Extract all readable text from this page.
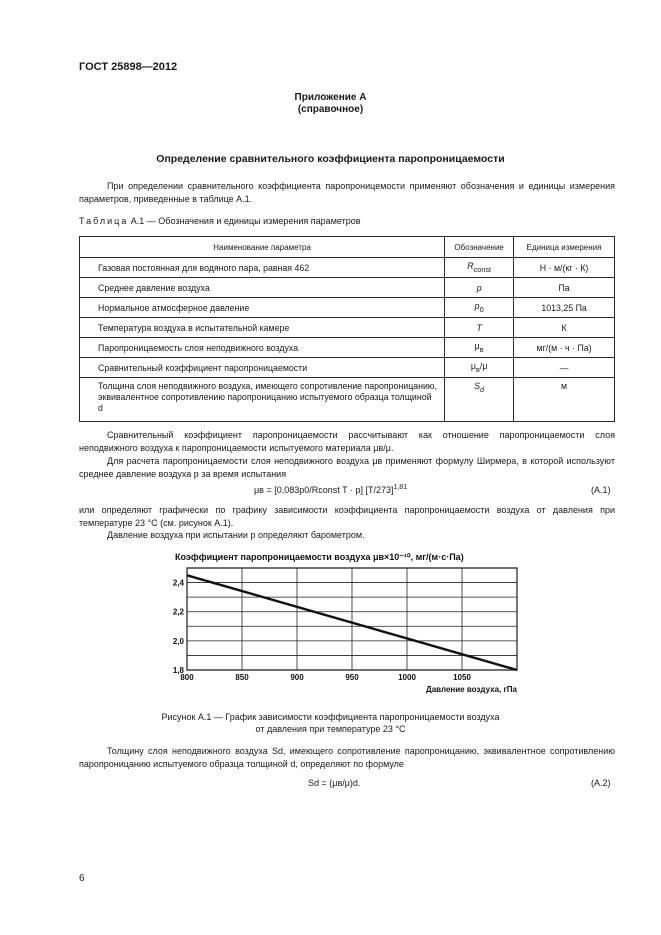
ГОСТ 25898—2012
Приложение А
(справочное)
Определение сравнительного коэффициента паропроницаемости
При определении сравнительного коэффициента паропроницемости применяют обозначения и единицы измерения параметров, приведенные в таблице А.1.
Таблица А.1 — Обозначения и единицы измерения параметров
Наименование параметра	Обозначение	Единица измерения
Газовая постоянная для водяного пара, равная 462	$R_{const}$	Н · м/(кг · К)
Среднее давление воздуха	p	Па
Нормальное атмосферное давление	$p_0$	1013,25 Па
Температура воздуха в испытательной камере	T	К
Паропроницаемость слоя неподвижного воздуха	$\mu_в$	мг/(м · ч · Па)
Сравнительный коэффициент паропроницаемости	$\mu_в/\mu$	—
Толщина слоя неподвижного воздуха, имеющего сопротивление паропроницанию, эквивалентное сопротивлению паропроницанию испытуемого образца толщиной d	$S_d$	м
Сравнительный коэффициент паропроницаемости рассчитывают как отношение паропроницаемости слоя неподвижного воздуха к паропроницаемости испытуемого материала μв/μ.
Для расчета паропроницаемости слоя неподвижного воздуха μв применяют формулу Ширмера, в которой используют среднее давление воздуха p за время испытания
μв = [0,083p0/Rconst T · p] $[T/273]^{1,81}$	(А.1)
или определяют графически по графику зависимости коэффициента паропроницаемости воздуха от давления при температуре 23 °С (см. рисунок А.1).
Давление воздуха при испытании p определяют барометром.
Коэффициент паропроницаемости воздуха μв×10⁻¹⁰, мг/(м·с·Па)
800	850	900	950	1000	1050
1,8
2,0
2,2
2,4
Давление воздуха, гПа
Рисунок А.1 — График зависимости коэффициента паропроницаемости воздуха
от давления при температуре 23 °С
Толщину слоя неподвижного воздуха Sd, имеющего сопротивление паропроницанию, эквивалентное сопротивлению паропроницанию испытуемого образца толщиной d, определяют по формуле
Sd = (μв/μ)d.	(А.2)
6
